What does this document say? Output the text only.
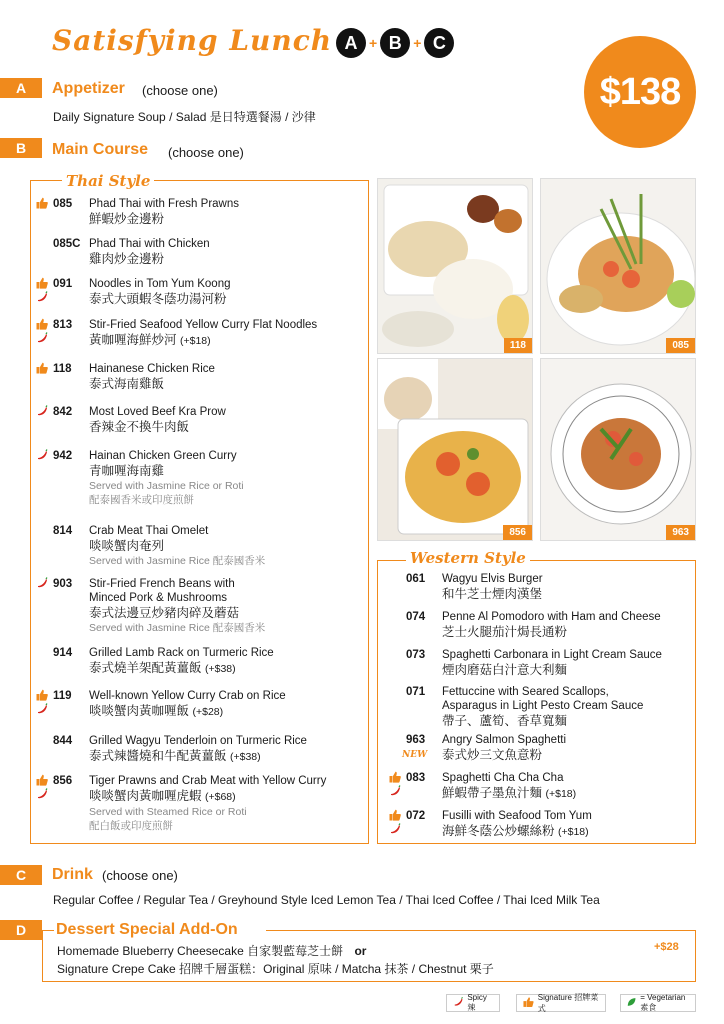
Satisfying Lunch A + B + C
$138
A	Appetizer (choose one)
Daily Signature Soup / Salad 是日特選餐湯 / 沙律
B	Main Course (choose one)
Thai Style
085 Phad Thai with Fresh Prawns
鮮蝦炒金邊粉
085C Phad Thai with Chicken
雞肉炒金邊粉
091 Noodles in Tom Yum Koong
泰式大頭蝦冬蔭功湯河粉
813 Stir-Fried Seafood Yellow Curry Flat Noodles
黃咖喱海鮮炒河 (+$18)
118 Hainanese Chicken Rice
泰式海南雞飯
842 Most Loved Beef Kra Prow
香辣金不換牛肉飯
942 Hainan Chicken Green Curry
青咖喱海南雞
Served with Jasmine Rice or Roti
配泰國香米或印度煎餅
814 Crab Meat Thai Omelet
啖啖蟹肉奄列
Served with Jasmine Rice 配泰國香米
903 Stir-Fried French Beans with
Minced Pork & Mushrooms
泰式法邊豆炒豬肉碎及蘑菇
Served with Jasmine Rice 配泰國香米
914 Grilled Lamb Rack on Turmeric Rice
泰式燒羊架配黃薑飯 (+$38)
119 Well-known Yellow Curry Crab on Rice
啖啖蟹肉黃咖喱飯 (+$28)
844 Grilled Wagyu Tenderloin on Turmeric Rice
泰式辣醬燒和牛配黃薑飯 (+$38)
856 Tiger Prawns and Crab Meat with Yellow Curry
啖啖蟹肉黃咖喱虎蝦 (+$68)
Served with Steamed Rice or Roti
配白飯或印度煎餅
118	085
856	963
Western Style
061 Wagyu Elvis Burger
和牛芝士煙肉漢堡
074 Penne Al Pomodoro with Ham and Cheese
芝士火腿茄汁焗長通粉
073 Spaghetti Carbonara in Light Cream Sauce
煙肉磨菇白汁意大利麵
071 Fettuccine with Seared Scallops,
Asparagus in Light Pesto Cream Sauce
帶子、蘆筍、香草寬麵
963 Angry Salmon Spaghetti
泰式炒三文魚意粉
NEW
083 Spaghetti Cha Cha Cha
鮮蝦帶子墨魚汁麵 (+$18)
072 Fusilli with Seafood Tom Yum
海鮮冬蔭公炒螺絲粉 (+$18)
C	Drink (choose one)
Regular Coffee / Regular Tea / Greyhound Style Iced Lemon Tea / Thai Iced Coffee / Thai Iced Milk Tea
D	Dessert Special Add-On
Homemade Blueberry Cheesecake 自家製藍莓芝士餅 or
Signature Crepe Cake 招牌千層蛋糕：Original 原味 / Matcha 抹茶 / Chestnut 栗子
+$28
Spicy 辣
Signature 招牌菜式
= Vegetarian 素食
